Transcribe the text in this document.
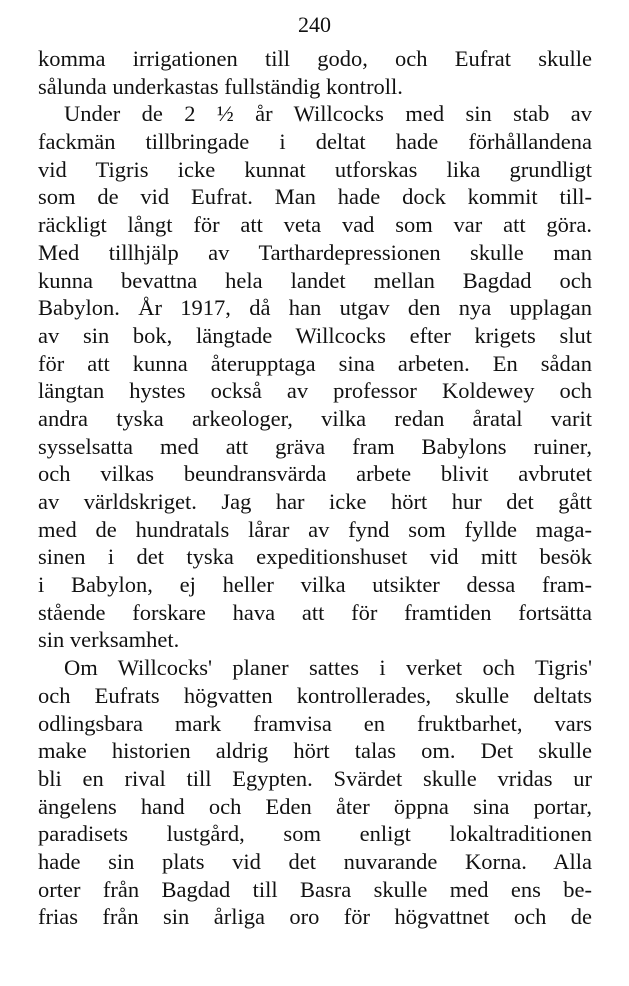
240
komma irrigationen till godo, och Eufrat skulle
sålunda underkastas fullständig kontroll.
Under de 2 ½ år Willcocks med sin stab av
fackmän tillbringade i deltat hade förhållandena
vid Tigris icke kunnat utforskas lika grundligt
som de vid Eufrat. Man hade dock kommit till-
räckligt långt för att veta vad som var att göra.
Med tillhjälp av Tarthardepressionen skulle man
kunna bevattna hela landet mellan Bagdad och
Babylon. År 1917, då han utgav den nya upplagan
av sin bok, längtade Willcocks efter krigets slut
för att kunna återupptaga sina arbeten. En sådan
längtan hystes också av professor Koldewey och
andra tyska arkeologer, vilka redan åratal varit
sysselsatta med att gräva fram Babylons ruiner,
och vilkas beundransvärda arbete blivit avbrutet
av världskriget. Jag har icke hört hur det gått
med de hundratals lårar av fynd som fyllde maga-
sinen i det tyska expeditionshuset vid mitt besök
i Babylon, ej heller vilka utsikter dessa fram-
stående forskare hava att för framtiden fortsätta
sin verksamhet.
Om Willcocks' planer sattes i verket och Tigris'
och Eufrats högvatten kontrollerades, skulle deltats
odlingsbara mark framvisa en fruktbarhet, vars
make historien aldrig hört talas om. Det skulle
bli en rival till Egypten. Svärdet skulle vridas ur
ängelens hand och Eden åter öppna sina portar,
paradisets lustgård, som enligt lokaltraditionen
hade sin plats vid det nuvarande Korna. Alla
orter från Bagdad till Basra skulle med ens be-
frias från sin årliga oro för högvattnet och de
